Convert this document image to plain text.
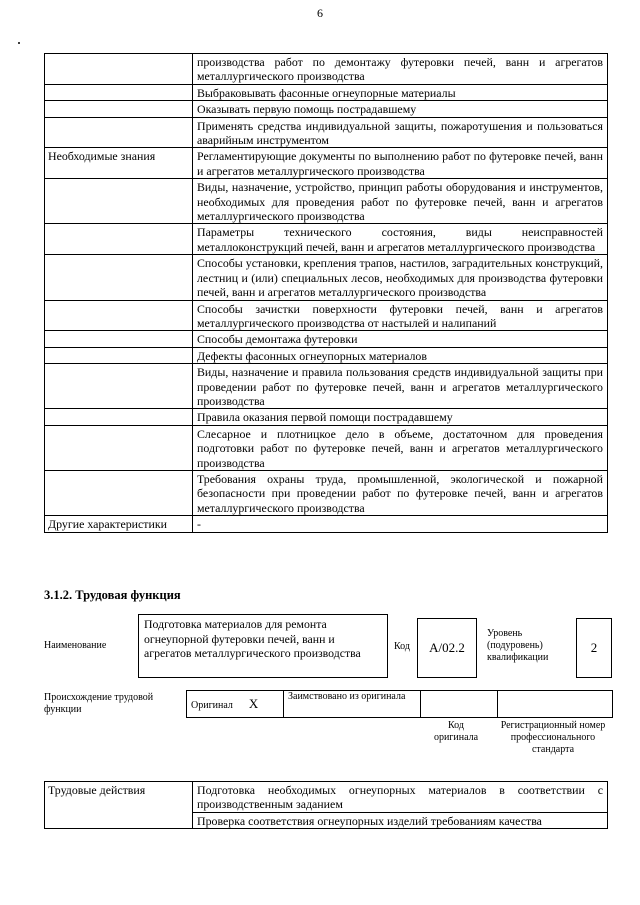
6
	производства работ по демонтажу футеровки печей, ванн и агрегатов металлургического производства
	Выбраковывать фасонные огнеупорные материалы
	Оказывать первую помощь пострадавшему
	Применять средства индивидуальной защиты, пожаротушения и пользоваться аварийным инструментом
Необходимые знания	Регламентирующие документы по выполнению работ по футеровке печей, ванн и агрегатов металлургического производства
	Виды, назначение, устройство, принцип работы оборудования и инструментов, необходимых для проведения работ по футеровке печей, ванн и агрегатов металлургического производства
	Параметры технического состояния, виды неисправностей металлоконструкций печей, ванн и агрегатов металлургического производства
	Способы установки, крепления трапов, настилов, заградительных конструкций, лестниц и (или) специальных лесов, необходимых для производства футеровки печей, ванн и агрегатов металлургического производства
	Способы зачистки поверхности футеровки печей, ванн и агрегатов металлургического производства от настылей и налипаний
	Способы демонтажа футеровки
	Дефекты фасонных огнеупорных материалов
	Виды, назначение и правила пользования средств индивидуальной защиты при проведении работ по футеровке печей, ванн и агрегатов металлургического производства
	Правила оказания первой помощи пострадавшему
	Слесарное и плотницкое дело в объеме, достаточном для проведения подготовки работ по футеровке печей, ванн и агрегатов металлургического производства
	Требования охраны труда, промышленной, экологической и пожарной безопасности при проведении работ по футеровке печей, ванн и агрегатов металлургического производства
Другие характеристики	-
3.1.2. Трудовая функция
Наименование
Подготовка материалов для ремонта огнеупорной футеровки печей, ванн и агрегатов металлургического производства	Код	А/02.2
Уровень (подуровень) квалификации
2
Происхождение трудовой функции	Оригинал X	Заимствовано из оригинала		
Код оригинала
Регистрационный номер профессионального стандарта
Трудовые действия	Подготовка необходимых огнеупорных материалов в соответствии с производственным заданием
Проверка соответствия огнеупорных изделий требованиям качества
